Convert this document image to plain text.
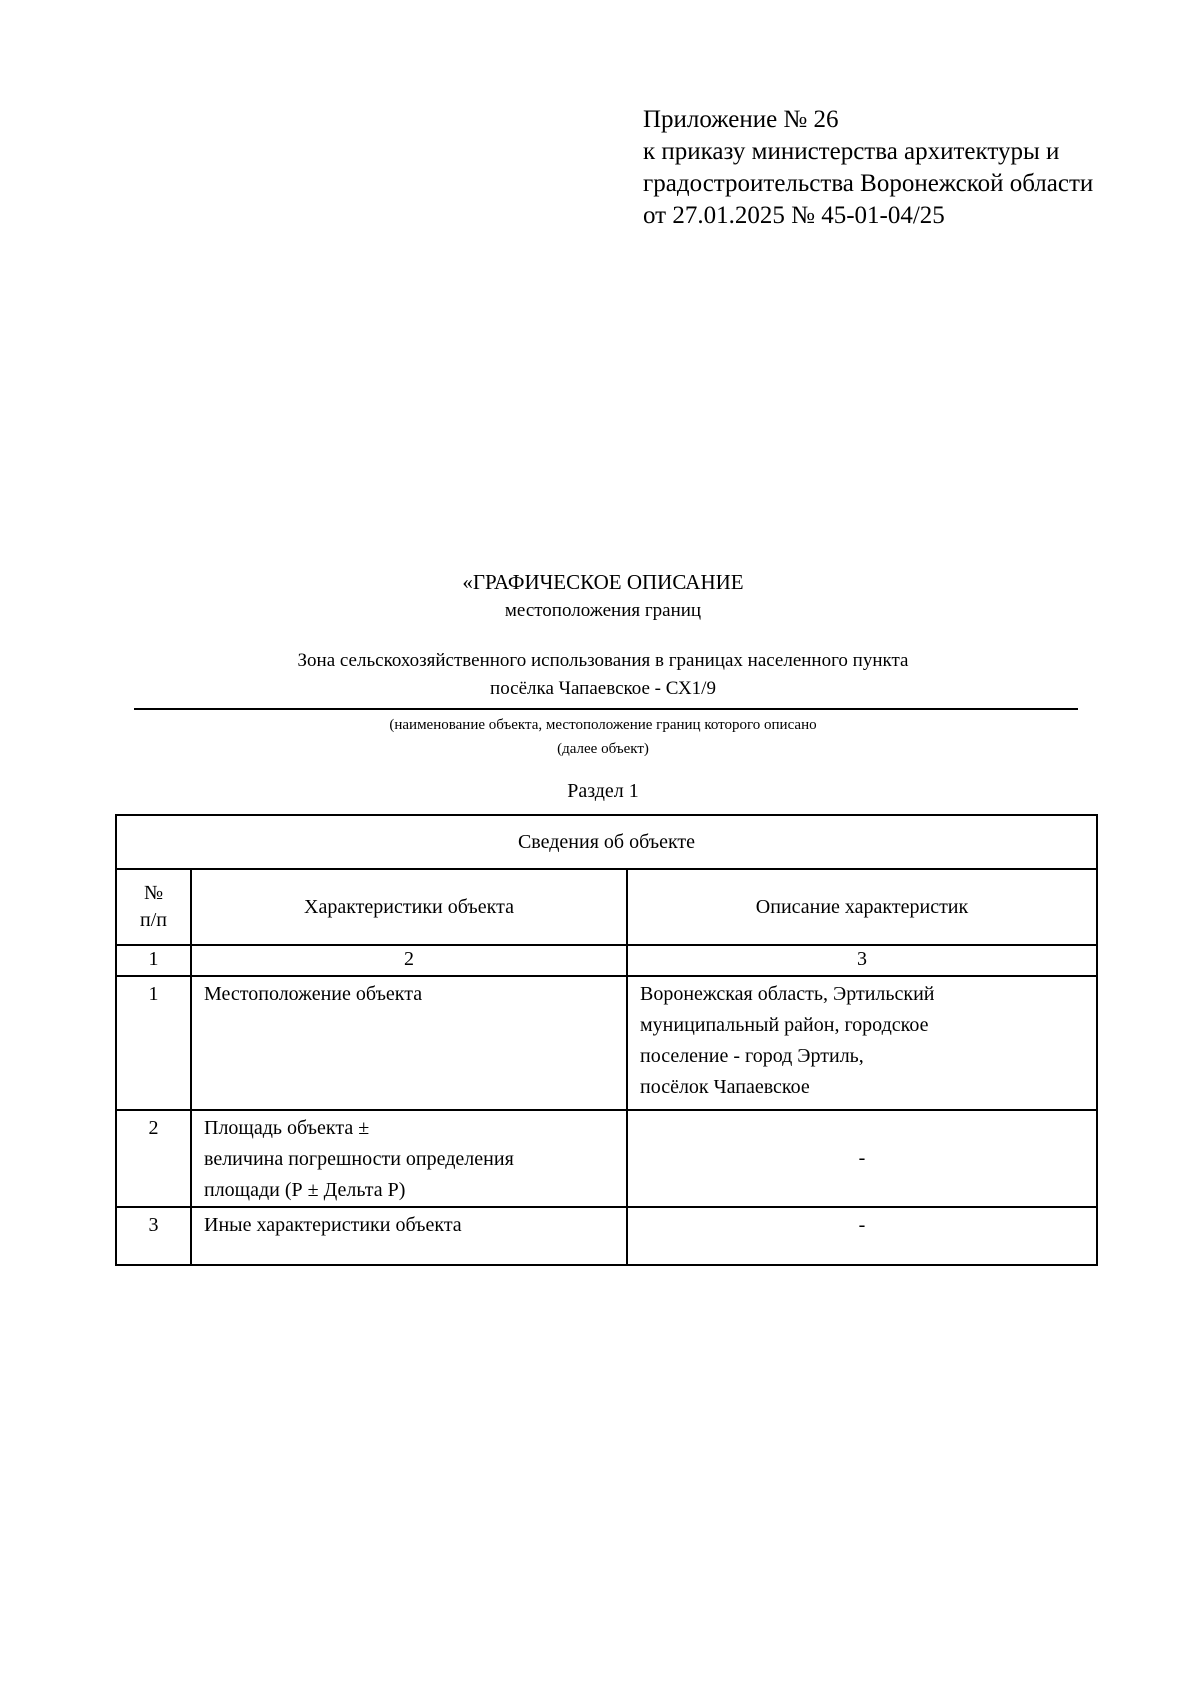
Приложение № 26
к приказу министерства архитектуры и
градостроительства Воронежской области
от 27.01.2025 № 45-01-04/25
«ГРАФИЧЕСКОЕ ОПИСАНИЕ
местоположения границ
Зона сельскохозяйственного использования в границах населенного пункта
посёлка Чапаевское - СХ1/9
(наименование объекта, местоположение границ которого описано
(далее объект)
Раздел 1
Сведения об объекте		

№
п/п	Характеристики объекта	Описание характеристик
1	2	3
1	Местоположение объекта	Воронежская область, Эртильский
муниципальный район, городское
поселение - город Эртиль,
посёлок Чапаевское

2	Площадь объекта ±
величина погрешности определения
площади (Р ± Дельта Р)	-
3	Иные характеристики объекта	-
